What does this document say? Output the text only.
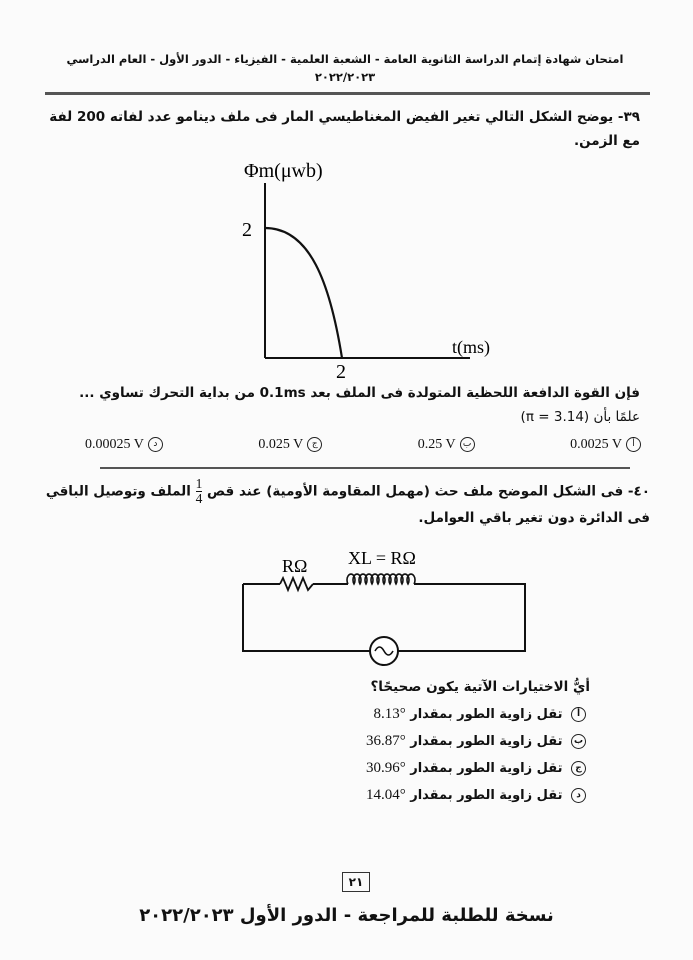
امتحان شهادة إتمام الدراسة الثانوية العامة - الشعبة العلمية - الفيزياء - الدور الأول - العام الدراسي ٢٠٢٢/٢٠٢٣
٣٩- يوضح الشكل التالي تغير الفيض المغناطيسي المار فى ملف دينامو عدد لفاته 200 لفة مع الزمن.
Φm(μwb)
2
t(ms)
2
فإن القوة الدافعة اللحظية المتولدة فى الملف بعد 0.1ms من بداية التحرك تساوي ...
علمًا بأن (π = 3.14)
0.0025 V أ
0.25 V ب
0.025 V ج
0.00025 V د
٤٠- فى الشكل الموضح ملف حث (مهمل المقاومة الأومية) عند قص
$\frac{1}{4}$
الملف وتوصيل الباقي فى الدائرة دون تغير باقي العوامل.
RΩ XL = RΩ
أيُّ الاختيارات الآتية يكون صحيحًا؟
أ تقل زاوية الطور بمقدار 8.13°
ب تقل زاوية الطور بمقدار 36.87°
ج تقل زاوية الطور بمقدار 30.96°
د تقل زاوية الطور بمقدار 14.04°
٢١
نسخة للطلبة للمراجعة - الدور الأول ٢٠٢٢/٢٠٢٣
